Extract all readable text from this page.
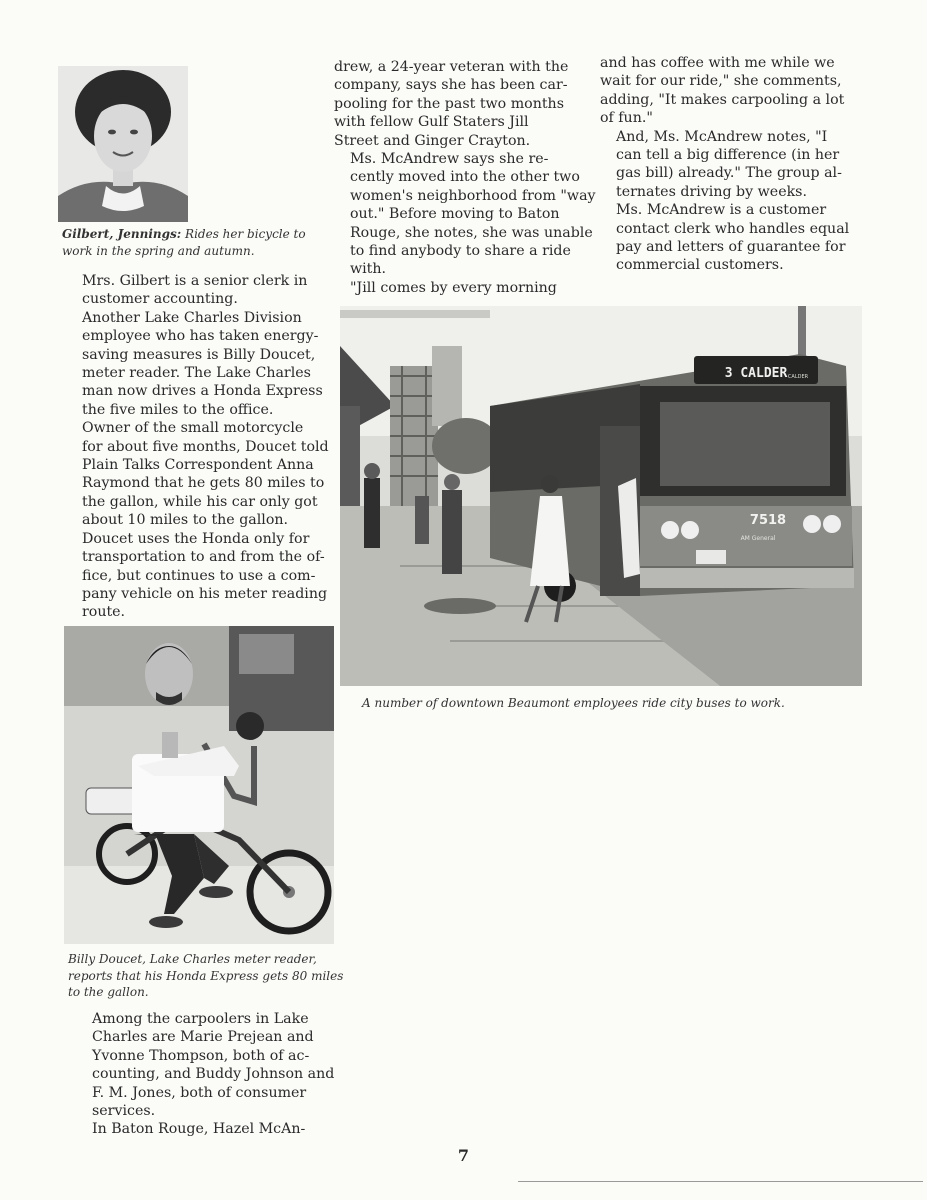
Gilbert, Jennings: Rides her bicycle to work in the spring and autumn.

Mrs. Gilbert is a senior clerk in
customer accounting.

Another Lake Charles Division
employee who has taken energy-
saving measures is Billy Doucet,
meter reader. The Lake Charles
man now drives a Honda Express
the five miles to the office.

Owner of the small motorcycle
for about five months, Doucet told
Plain Talks Correspondent Anna
Raymond that he gets 80 miles to
the gallon, while his car only got
about 10 miles to the gallon.

Doucet uses the Honda only for
transportation to and from the of-
fice, but continues to use a com-
pany vehicle on his meter reading
route.

Billy Doucet, Lake Charles meter reader, reports that his Honda Express gets 80 miles to the gallon.

Among the carpoolers in Lake
Charles are Marie Prejean and
Yvonne Thompson, both of ac-
counting, and Buddy Johnson and
F. M. Jones, both of consumer
services.

In Baton Rouge, Hazel McAn-

drew, a 24-year veteran with the
company, says she has been car-
pooling for the past two months
with fellow Gulf Staters Jill
Street and Ginger Crayton.

Ms. McAndrew says she re-
cently moved into the other two
women's neighborhood from "way
out." Before moving to Baton
Rouge, she notes, she was unable
to find anybody to share a ride
with.

"Jill comes by every morning

and has coffee with me while we
wait for our ride," she comments,
adding, "It makes carpooling a lot
of fun."

And, Ms. McAndrew notes, "I
can tell a big difference (in her
gas bill) already." The group al-
ternates driving by weeks.

Ms. McAndrew is a customer
contact clerk who handles equal
pay and letters of guarantee for
commercial customers.

3 CALDER CALDER
7518
AM General
A number of downtown Beaumont employees ride city buses to work.
7
